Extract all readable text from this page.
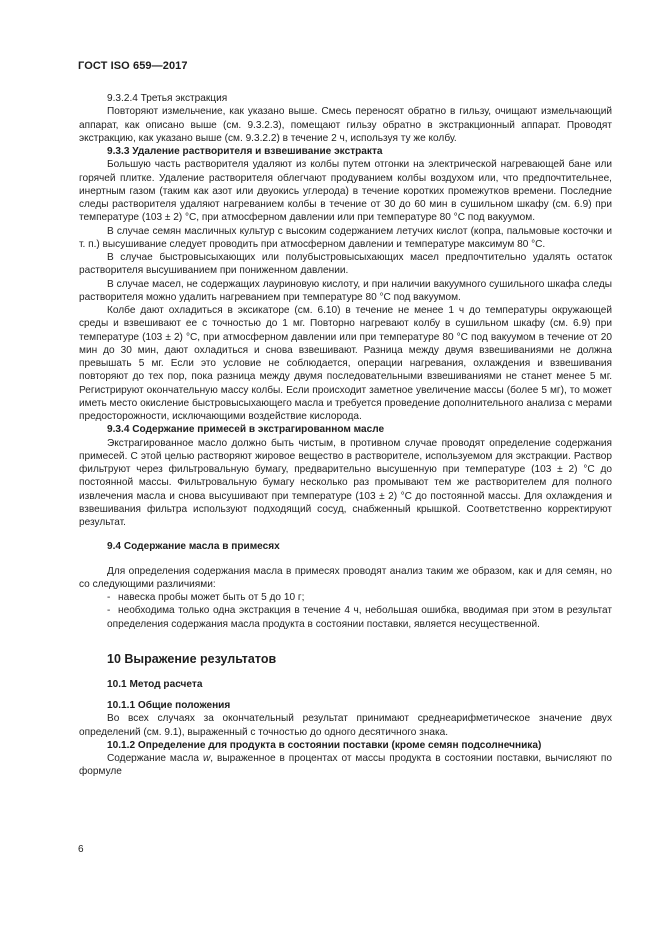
ГОСТ ISO 659—2017

9.3.2.4 Третья экстракция

Повторяют измельчение, как указано выше. Смесь переносят обратно в гильзу, очищают измельчающий аппарат, как описано выше (см. 9.3.2.3), помещают гильзу обратно в экстракционный аппарат. Проводят экстракцию, как указано выше (см. 9.3.2.2) в течение 2 ч, используя ту же колбу.

9.3.3 Удаление растворителя и взвешивание экстракта

Большую часть растворителя удаляют из колбы путем отгонки на электрической нагревающей бане или горячей плитке. Удаление растворителя облегчают продуванием колбы воздухом или, что предпочтительнее, инертным газом (таким как азот или двуокись углерода) в течение коротких промежутков времени. Последние следы растворителя удаляют нагреванием колбы в течение от 30 до 60 мин в сушильном шкафу (см. 6.9) при температуре (103 ± 2) °С, при атмосферном давлении или при температуре 80 °С под вакуумом.

В случае семян масличных культур с высоким содержанием летучих кислот (копра, пальмовые косточки и т. п.) высушивание следует проводить при атмосферном давлении и температуре максимум 80 °С.

В случае быстровысыхающих или полубыстровысыхающих масел предпочтительно удалять остаток растворителя высушиванием при пониженном давлении.

В случае масел, не содержащих лауриновую кислоту, и при наличии вакуумного сушильного шкафа следы растворителя можно удалить нагреванием при температуре 80 °С под вакуумом.

Колбе дают охладиться в эксикаторе (см. 6.10) в течение не менее 1 ч до температуры окружающей среды и взвешивают ее с точностью до 1 мг. Повторно нагревают колбу в сушильном шкафу (см. 6.9) при температуре (103 ± 2) °С, при атмосферном давлении или при температуре 80 °С под вакуумом в течение от 20 мин до 30 мин, дают охладиться и снова взвешивают. Разница между двумя взвешиваниями не должна превышать 5 мг. Если это условие не соблюдается, операции нагревания, охлаждения и взвешивания повторяют до тех пор, пока разница между двумя последовательными взвешиваниями не станет менее 5 мг. Регистрируют окончательную массу колбы. Если происходит заметное увеличение массы (более 5 мг), то может иметь место окисление быстровысыхающего масла и требуется проведение дополнительного анализа с мерами предосторожности, исключающими воздействие кислорода.

9.3.4 Содержание примесей в экстрагированном масле

Экстрагированное масло должно быть чистым, в противном случае проводят определение содержания примесей. С этой целью растворяют жировое вещество в растворителе, используемом для экстракции. Раствор фильтруют через фильтровальную бумагу, предварительно высушенную при температуре (103 ± 2) °С до постоянной массы. Фильтровальную бумагу несколько раз промывают тем же растворителем для полного извлечения масла и снова высушивают при температуре (103 ± 2) °С до постоянной массы. Для охлаждения и взвешивания фильтра используют подходящий сосуд, снабженный крышкой. Соответственно корректируют результат.

9.4 Содержание масла в примесях

Для определения содержания масла в примесях проводят анализ таким же образом, как и для семян, но со следующими различиями:

- навеска пробы может быть от 5 до 10 г;

- необходима только одна экстракция в течение 4 ч, небольшая ошибка, вводимая при этом в результат определения содержания масла продукта в состоянии поставки, является несущественной.

10 Выражение результатов

10.1 Метод расчета

10.1.1 Общие положения

Во всех случаях за окончательный результат принимают среднеарифметическое значение двух определений (см. 9.1), выраженный с точностью до одного десятичного знака.

10.1.2 Определение для продукта в состоянии поставки (кроме семян подсолнечника)

Содержание масла w, выраженное в процентах от массы продукта в состоянии поставки, вычисляют по формуле

6
